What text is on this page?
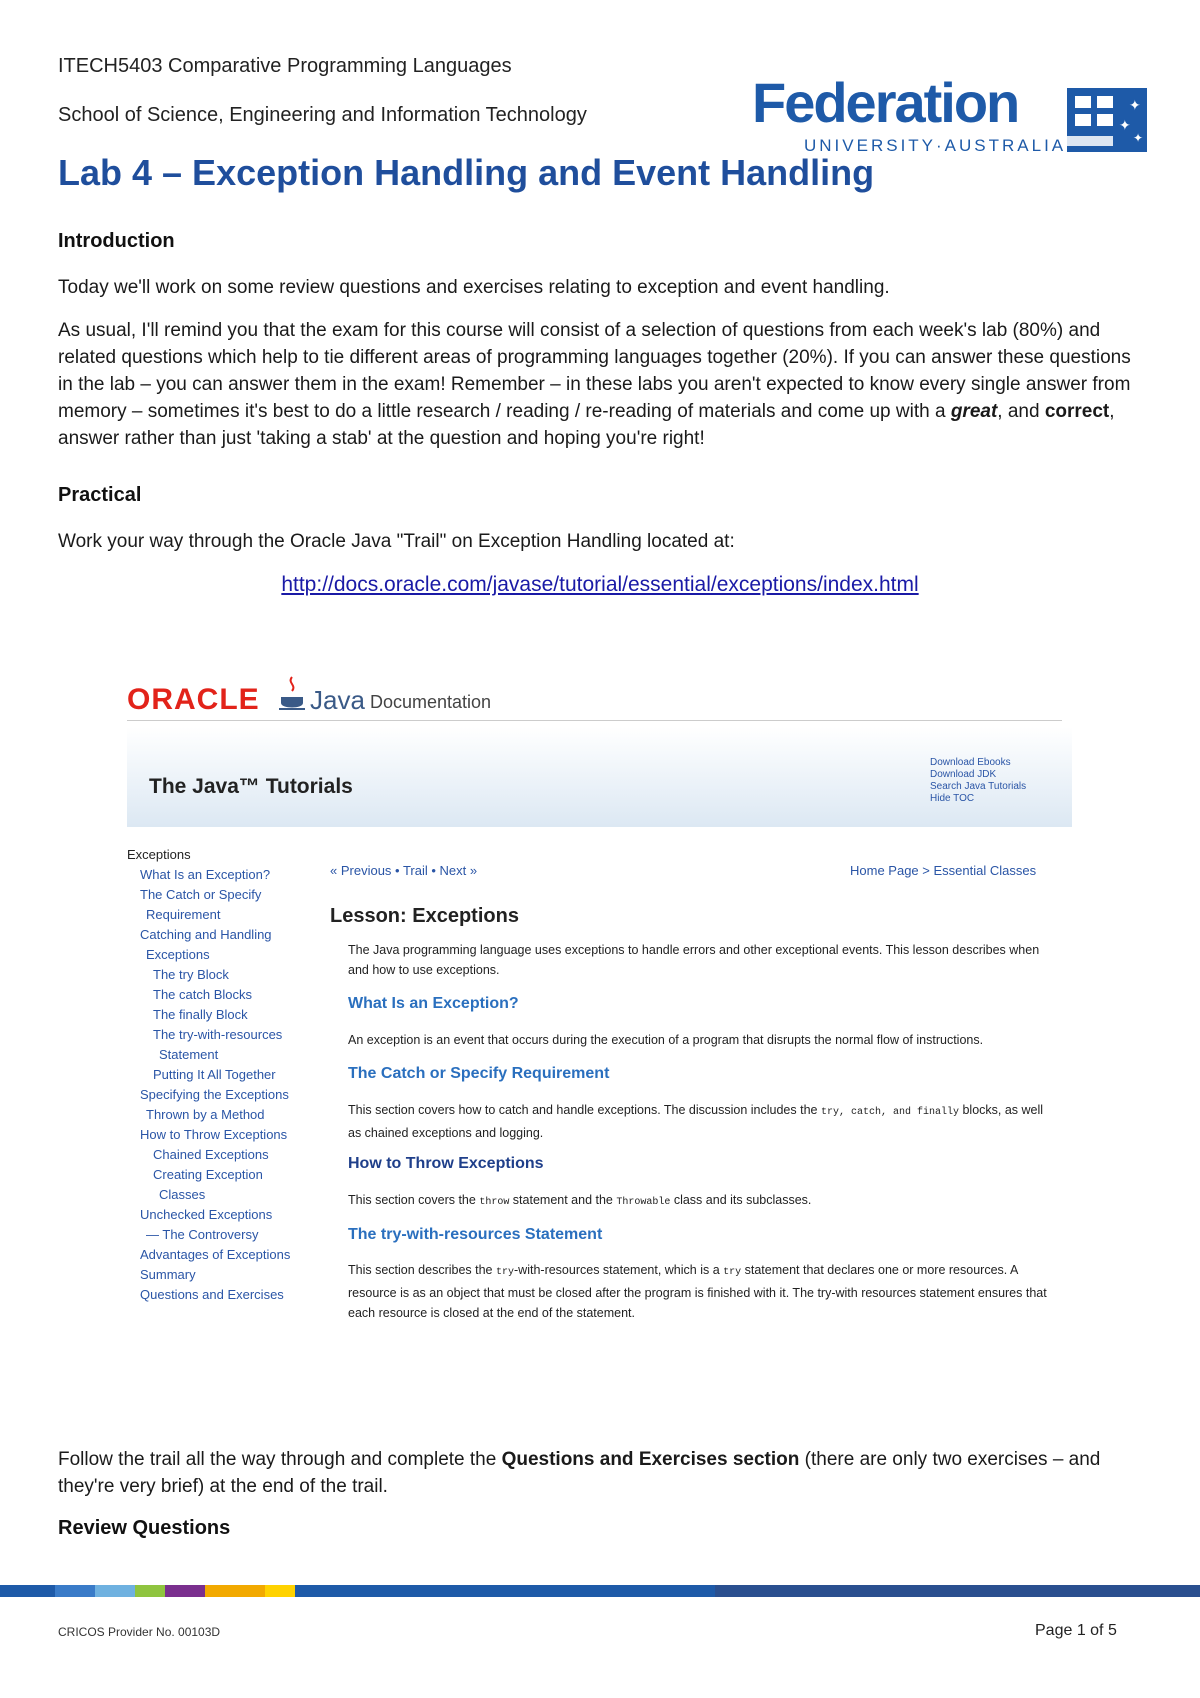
ITECH5403 Comparative Programming Languages
School of Science, Engineering and Information Technology	Federation
UNIVERSITY·AUSTRALIA
✦
✦
✦
Lab 4 – Exception Handling and Event Handling
Introduction

Today we'll work on some review questions and exercises relating to exception and event handling.

As usual, I'll remind you that the exam for this course will consist of a selection of questions from each week's lab (80%) and related questions which help to tie different areas of programming languages together (20%). If you can answer these questions in the lab – you can answer them in the exam! Remember – in these labs you aren't expected to know every single answer from memory – sometimes it's best to do a little research / reading / re-reading of materials and come up with a great, and correct, answer rather than just 'taking a stab' at the question and hoping you're right!

Practical

Work your way through the Oracle Java "Trail" on Exception Handling located at:

http://docs.oracle.com/javase/tutorial/essential/exceptions/index.html
ORACLE Java Documentation
The Java™ Tutorials
Download Ebooks
Download JDK
Search Java Tutorials
Hide TOC
Exceptions
What Is an Exception?
The Catch or Specify
Requirement
Catching and Handling
Exceptions
The try Block
The catch Blocks
The finally Block
The try-with-resources
Statement
Putting It All Together
Specifying the Exceptions
Thrown by a Method
How to Throw Exceptions
Chained Exceptions
Creating Exception
Classes
Unchecked Exceptions
— The Controversy
Advantages of Exceptions
Summary
Questions and Exercises
« Previous • Trail • Next »	Home Page > Essential Classes
Lesson: Exceptions
The Java programming language uses exceptions to handle errors and other exceptional events. This lesson describes when and how to use exceptions.
What Is an Exception?
An exception is an event that occurs during the execution of a program that disrupts the normal flow of instructions.
The Catch or Specify Requirement
This section covers how to catch and handle exceptions. The discussion includes the try, catch, and finally blocks, as well as chained exceptions and logging.
How to Throw Exceptions
This section covers the throw statement and the Throwable class and its subclasses.
The try-with-resources Statement
This section describes the try-with-resources statement, which is a try statement that declares one or more resources. A resource is as an object that must be closed after the program is finished with it. The try-with resources statement ensures that each resource is closed at the end of the statement.

Follow the trail all the way through and complete the Questions and Exercises section (there are only two exercises – and they're very brief) at the end of the trail.

Review Questions
CRICOS Provider No. 00103D	Page 1 of 5
